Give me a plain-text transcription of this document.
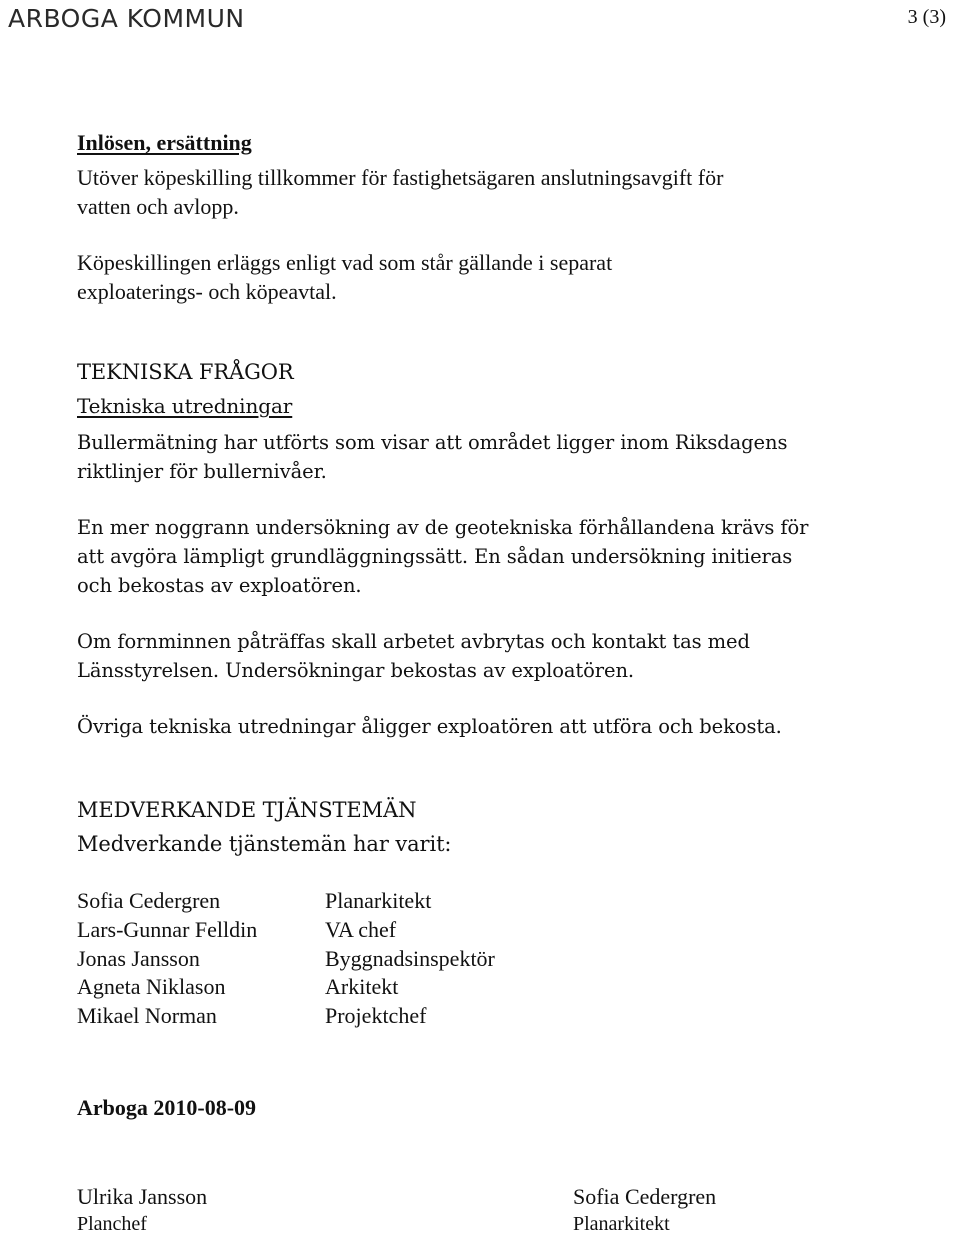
ARBOGA KOMMUN	3 (3)
Inlösen, ersättning

Utöver köpeskilling tillkommer för fastighetsägaren anslutningsavgift för

vatten och avlopp.

Köpeskillingen erläggs enligt vad som står gällande i separat

exploaterings- och köpeavtal.

TEKNISKA FRÅGOR
Tekniska utredningar

Bullermätning har utförts som visar att området ligger inom Riksdagens

riktlinjer för bullernivåer.

En mer noggrann undersökning av de geotekniska förhållandena krävs för

att avgöra lämpligt grundläggningssätt. En sådan undersökning initieras

och bekostas av exploatören.

Om fornminnen påträffas skall arbetet avbrytas och kontakt tas med

Länsstyrelsen. Undersökningar bekostas av exploatören.

Övriga tekniska utredningar åligger exploatören att utföra och bekosta.

MEDVERKANDE TJÄNSTEMÄN
Medverkande tjänstemän har varit:
Sofia Cedergren	Planarkitekt
Lars-Gunnar Felldin	VA chef
Jonas Jansson	Byggnadsinspektör
Agneta Niklason	Arkitekt
Mikael Norman	Projektchef
Arboga 2010-08-09
Ulrika Jansson
Planchef
Sofia Cedergren
Planarkitekt
